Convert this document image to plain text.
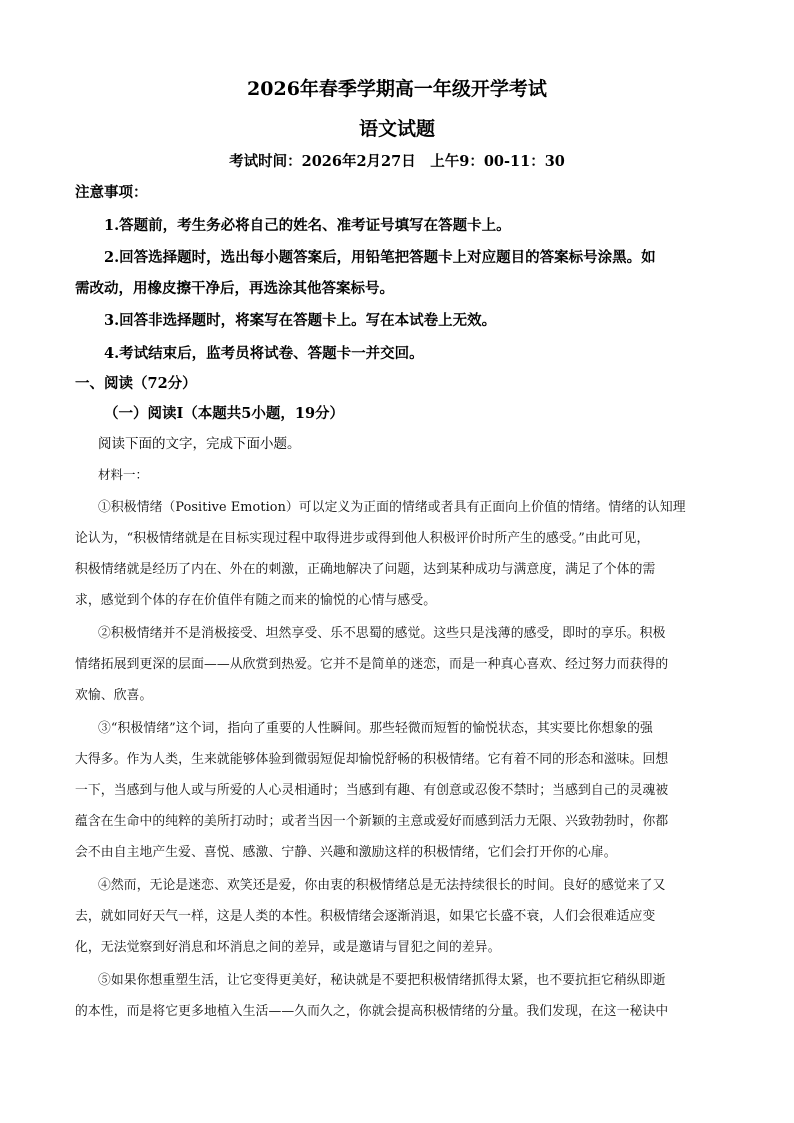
2026年春季学期高一年级开学考试
语文试题
考试时间：2026年2月27日　上午9：00-11：30
注意事项：
1.答题前，考生务必将自己的姓名、准考证号填写在答题卡上。
2.回答选择题时，选出每小题答案后，用铅笔把答题卡上对应题目的答案标号涂黑。如
需改动，用橡皮擦干净后，再选涂其他答案标号。
3.回答非选择题时，将案写在答题卡上。写在本试卷上无效。
4.考试结束后，监考员将试卷、答题卡一并交回。
一、阅读（72分）
（一）阅读Ⅰ（本题共5小题，19分）
阅读下面的文字，完成下面小题。
材料一：
①积极情绪（Positive Emotion）可以定义为正面的情绪或者具有正面向上价值的情绪。情绪的认知理
论认为，“积极情绪就是在目标实现过程中取得进步或得到他人积极评价时所产生的感受。”由此可见，
积极情绪就是经历了内在、外在的刺激，正确地解决了问题，达到某种成功与满意度，满足了个体的需
求，感觉到个体的存在价值伴有随之而来的愉悦的心情与感受。
②积极情绪并不是消极接受、坦然享受、乐不思蜀的感觉。这些只是浅薄的感受，即时的享乐。积极
情绪拓展到更深的层面——从欣赏到热爱。它并不是简单的迷恋，而是一种真心喜欢、经过努力而获得的
欢愉、欣喜。
③“积极情绪”这个词，指向了重要的人性瞬间。那些轻微而短暂的愉悦状态，其实要比你想象的强
大得多。作为人类，生来就能够体验到微弱短促却愉悦舒畅的积极情绪。它有着不同的形态和滋味。回想
一下，当感到与他人或与所爱的人心灵相通时；当感到有趣、有创意或忍俊不禁时；当感到自己的灵魂被
蕴含在生命中的纯粹的美所打动时；或者当因一个新颖的主意或爱好而感到活力无限、兴致勃勃时，你都
会不由自主地产生爱、喜悦、感激、宁静、兴趣和激励这样的积极情绪，它们会打开你的心扉。
④然而，无论是迷恋、欢笑还是爱，你由衷的积极情绪总是无法持续很长的时间。良好的感觉来了又
去，就如同好天气一样，这是人类的本性。积极情绪会逐渐消退，如果它长盛不衰，人们会很难适应变
化，无法觉察到好消息和坏消息之间的差异，或是邀请与冒犯之间的差异。
⑤如果你想重塑生活，让它变得更美好，秘诀就是不要把积极情绪抓得太紧，也不要抗拒它稍纵即逝
的本性，而是将它更多地植入生活——久而久之，你就会提高积极情绪的分量。我们发现，在这一秘诀中
